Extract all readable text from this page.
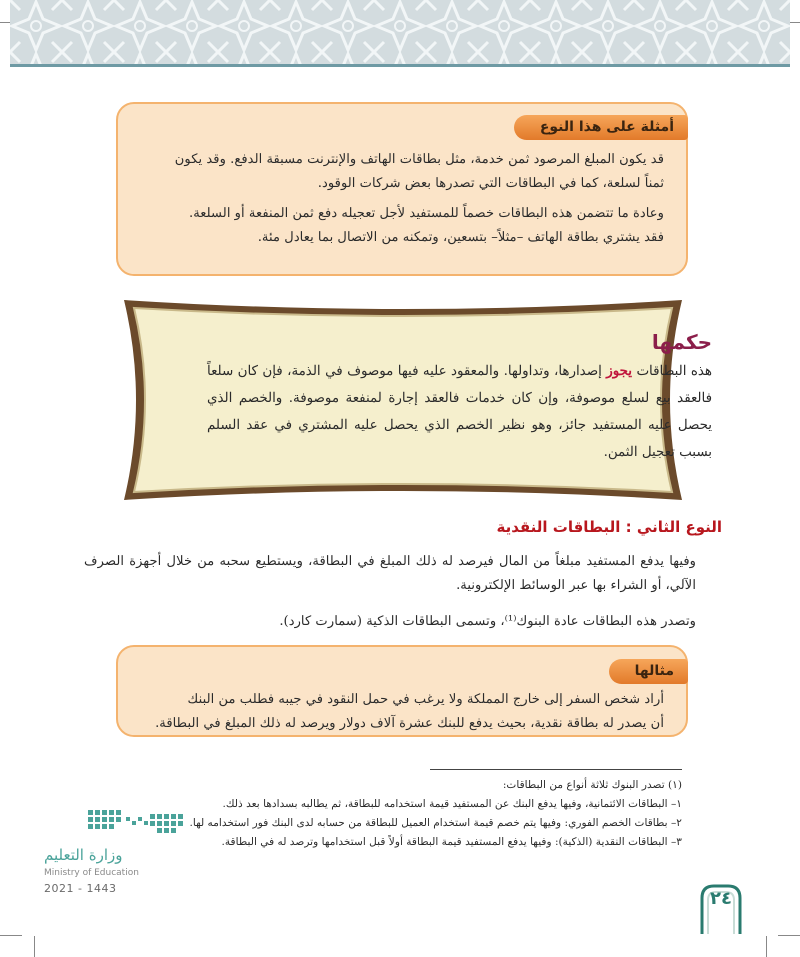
أمثلة على هذا النوع
قد يكون المبلغ المرصود ثمن خدمة، مثل بطاقات الهاتف والإنترنت مسبقة الدفع. وقد يكون
ثمناً لسلعة، كما في البطاقات التي تصدرها بعض شركات الوقود.
وعادة ما تتضمن هذه البطاقات خصماً للمستفيد لأجل تعجيله دفع ثمن المنفعة أو السلعة.
فقد يشتري بطاقة الهاتف –مثلاً– بتسعين، وتمكنه من الاتصال بما يعادل مئة.
حكمها
هذه البطاقات يجوز إصدارها، وتداولها. والمعقود عليه فيها موصوف في الذمة، فإن كان سلعاً فالعقد بيع لسلع موصوفة، وإن كان خدمات فالعقد إجارة لمنفعة موصوفة. والخصم الذي يحصل عليه المستفيد جائز، وهو نظير الخصم الذي يحصل عليه المشتري في عقد السلم بسبب تعجيل الثمن.
النوع الثاني : البطاقات النقدية
وفيها يدفع المستفيد مبلغاً من المال فيرصد له ذلك المبلغ في البطاقة، ويستطيع سحبه من خلال أجهزة الصرف الآلي، أو الشراء بها عبر الوسائط الإلكترونية.
وتصدر هذه البطاقات عادة البنوك⁽¹⁾، وتسمى البطاقات الذكية (سمارت كارد).
مثالها
أراد شخص السفر إلى خارج المملكة ولا يرغب في حمل النقود في جيبه فطلب من البنك
أن يصدر له بطاقة نقدية، بحيث يدفع للبنك عشرة آلاف دولار ويرصد له ذلك المبلغ في البطاقة.
(١) تصدر البنوك ثلاثة أنواع من البطاقات:
١– البطاقات الائتمانية، وفيها يدفع البنك عن المستفيد قيمة استخدامه للبطاقة، ثم يطالبه بسدادها بعد ذلك.
٢– بطاقات الخصم الفوري: وفيها يتم خصم قيمة استخدام العميل للبطاقة من حسابه لدى البنك فور استخدامه لها.
٣– البطاقات النقدية (الذكية): وفيها يدفع المستفيد قيمة البطاقة أولاً قبل استخدامها وترصد له في البطاقة.
وزارة التعليم
Ministry of Education
2021 - 1443	٢٤
